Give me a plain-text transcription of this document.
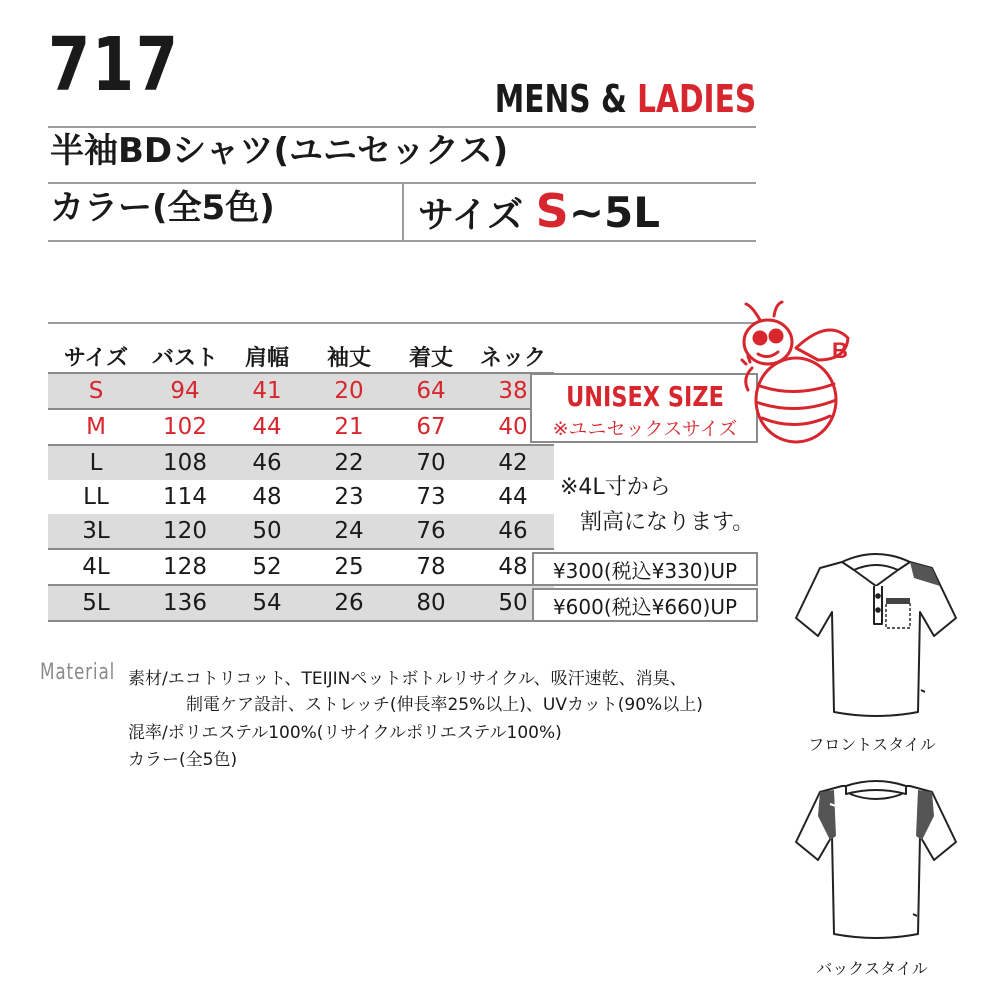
717	MENS & LADIES
半袖BDシャツ(ユニセックス)
カラー(全5色)	サイズ S~5L
サイズ	バスト	肩幅	袖丈	着丈	ネック
S	94	41	20	64	38
M	102	44	21	67	40
L	108	46	22	70	42
LL	114	48	23	73	44
3L	120	50	24	76	46
4L	128	52	25	78	48
5L	136	54	26	80	50
UNISEX SIZE
※ユニセックスサイズ
B
※4L寸から
割高になります。
¥300(税込¥330)UP
¥600(税込¥660)UP
Material 素材/エコトリコット、TEIJINペットボトルリサイクル、吸汗速乾、消臭、
制電ケア設計、ストレッチ(伸長率25%以上)、UVカット(90%以上)
混率/ポリエステル100%(リサイクルポリエステル100%)
カラー(全5色)
フロントスタイル
バックスタイル
